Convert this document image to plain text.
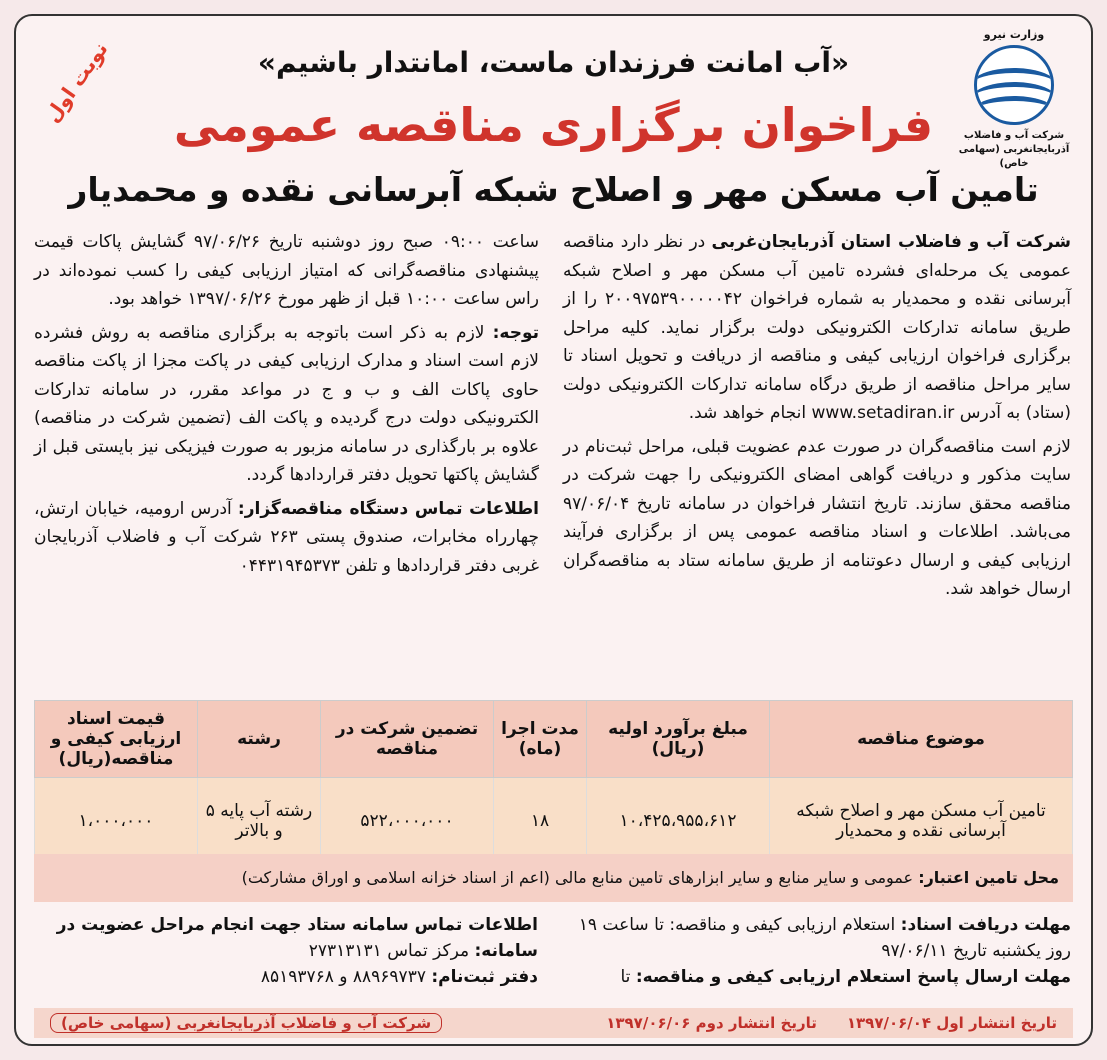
وزارت نیرو
شرکت آب و فاضلاب
آذربایجانغربی (سهامی خاص)
نوبت اول	«آب امانت فرزندان ماست، امانتدار باشیم»
فراخوان برگزاری مناقصه عمومی
تامین آب مسکن مهر و اصلاح شبکه آبرسانی نقده و محمدیار

شرکت آب و فاضلاب استان آذربایجان‌غربی در نظر دارد مناقصه عمومی یک مرحله‌ای فشرده تامین آب مسکن مهر و اصلاح شبکه آبرسانی نقده و محمدیار به شماره فراخوان ۲۰۰۹۷۵۳۹۰۰۰۰۰۴۲ را از طریق سامانه تدارکات الکترونیکی دولت برگزار نماید. کلیه مراحل برگزاری فراخوان ارزیابی کیفی و مناقصه از دریافت و تحویل اسناد تا سایر مراحل مناقصه از طریق درگاه سامانه تدارکات الکترونیکی دولت (ستاد) به آدرس www.setadiran.ir انجام خواهد شد.

لازم است مناقصه‌گران در صورت عدم عضویت قبلی، مراحل ثبت‌نام در سایت مذکور و دریافت گواهی امضای الکترونیکی را جهت شرکت در مناقصه محقق سازند. تاریخ انتشار فراخوان در سامانه تاریخ ۹۷/۰۶/۰۴ می‌باشد. اطلاعات و اسناد مناقصه عمومی پس از برگزاری فرآیند ارزیابی کیفی و ارسال دعوتنامه از طریق سامانه ستاد به مناقصه‌گران ارسال خواهد شد.

ساعت ۰۹:۰۰ صبح روز دوشنبه تاریخ ۹۷/۰۶/۲۶ گشایش پاکات قیمت پیشنهادی مناقصه‌گرانی که امتیاز ارزیابی کیفی را کسب نموده‌اند در راس ساعت ۱۰:۰۰ قبل از ظهر مورخ ۱۳۹۷/۰۶/۲۶ خواهد بود.

توجه: لازم به ذکر است باتوجه به برگزاری مناقصه به روش فشرده لازم است اسناد و مدارک ارزیابی کیفی در پاکت مجزا از پاکت مناقصه حاوی پاکات الف و ب و ج در مواعد مقرر، در سامانه تدارکات الکترونیکی دولت درج گردیده و پاکت الف (تضمین شرکت در مناقصه) علاوه بر بارگذاری در سامانه مزبور به صورت فیزیکی نیز بایستی قبل از گشایش پاکتها تحویل دفتر قراردادها گردد.

اطلاعات تماس دستگاه مناقصه‌گزار: آدرس ارومیه، خیابان ارتش، چهارراه مخابرات، صندوق پستی ۲۶۳ شرکت آب و فاضلاب آذربایجان غربی دفتر قراردادها و تلفن ۰۴۴۳۱۹۴۵۳۷۳

موضوع مناقصه	مبلغ برآورد اولیه (ریال)	مدت اجرا (ماه)	تضمین شرکت در مناقصه	رشته	قیمت اسناد ارزیابی کیفی و مناقصه(ریال)
تامین آب مسکن مهر و اصلاح شبکه آبرسانی نقده و محمدیار	۱۰،۴۲۵،۹۵۵،۶۱۲	۱۸	۵۲۲،۰۰۰،۰۰۰	رشته آب پایه ۵ و بالاتر	۱،۰۰۰،۰۰۰
محل تامین اعتبار: عمومی و سایر منابع و سایر ابزارهای تامین منابع مالی (اعم از اسناد خزانه اسلامی و اوراق مشارکت)
مهلت دریافت اسناد: استعلام ارزیابی کیفی و مناقصه: تا ساعت ۱۹ روز یکشنبه تاریخ ۹۷/۰۶/۱۱
مهلت ارسال پاسخ استعلام ارزیابی کیفی و مناقصه: تا
اطلاعات تماس سامانه ستاد جهت انجام مراحل عضویت در سامانه: مرکز تماس ۲۷۳۱۳۱۳۱
دفتر ثبت‌نام: ۸۸۹۶۹۷۳۷ و ۸۵۱۹۳۷۶۸
تاریخ انتشار اول ۱۳۹۷/۰۶/۰۴
تاریخ انتشار دوم ۱۳۹۷/۰۶/۰۶
شرکت آب و فاضلاب آذربایجانغربی (سهامی خاص)
